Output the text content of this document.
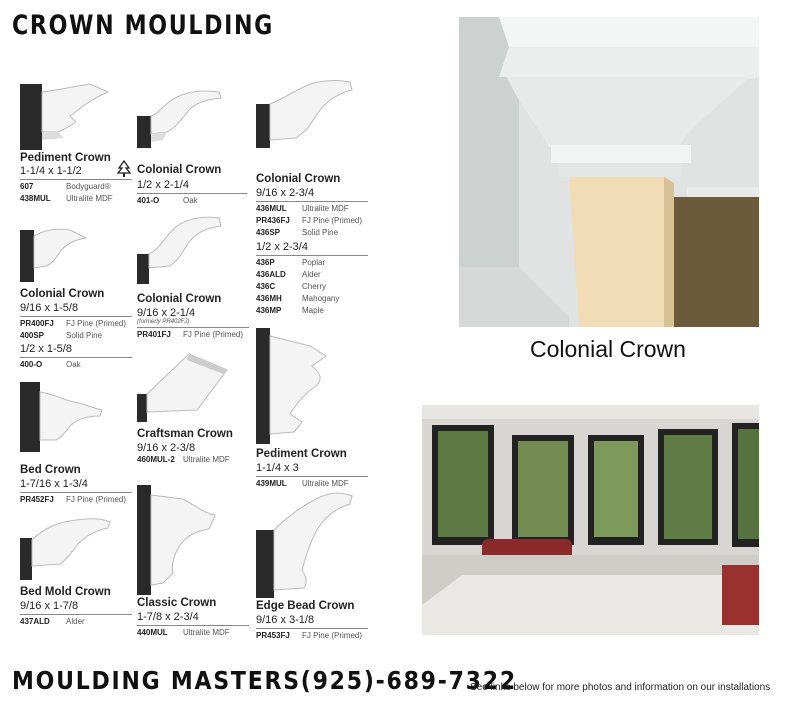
CROWN MOULDING
Pediment Crown
1-1/4 x 1-1/2
607	Bodyguard®
438MUL	Ultralite MDF
Colonial Crown
1/2 x 2-1/4
401-O	Oak
Colonial Crown
9/16 x 2-3/4
436MUL	Ultralite MDF
PR436FJ	FJ Pine (Primed)
436SP	Solid Pine
1/2 x 2-3/4
436P	Poplar
436ALD	Alder
436C	Cherry
436MH	Mahogany
436MP	Maple
Colonial Crown
9/16 x 1-5/8
PR400FJ	FJ Pine (Primed)
400SP	Solid Pine
1/2 x 1-5/8
400-O	Oak
Colonial Crown
9/16 x 2-1/4
(formerly PR402FJ)
PR401FJ	FJ Pine (Primed)
Bed Crown
1-7/16 x 1-3/4
PR452FJ	FJ Pine (Primed)
Craftsman Crown
9/16 x 2-3/8
460MUL-2	Ultralite MDF Pediment Crown
1-1/4 x 3
439MUL	Ultralite MDF
Bed Mold Crown
9/16 x 1-7/8
437ALD	Alder
Classic Crown
1-7/8 x 2-3/4
440MUL	Ultralite MDF
Edge Bead Crown
9/16 x 3-1/8
PR453FJ	FJ Pine (Primed)
Colonial Crown
MOULDING MASTERS(925)-689-7322
See links below for more photos and information on our installations
